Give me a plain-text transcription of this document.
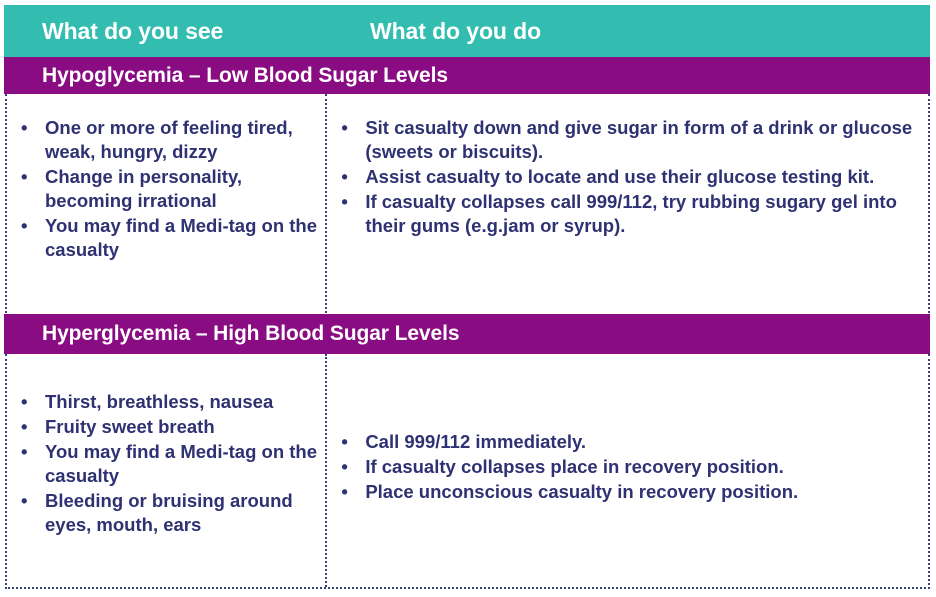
What do you see	What do you do
Hypoglycemia – Low Blood Sugar Levels
• One or more of feeling tired, weak, hungry, dizzy
• Change in personality, becoming irrational
• You may find a Medi-tag on the casualty
• Sit casualty down and give sugar in form of a drink or glucose (sweets or biscuits).
• Assist casualty to locate and use their glucose testing kit.
• If casualty collapses call 999/112, try rubbing sugary gel into their gums (e.g.jam or syrup).
Hyperglycemia – High Blood Sugar Levels
• Thirst, breathless, nausea
• Fruity sweet breath
• You may find a Medi-tag on the casualty
• Bleeding or bruising around eyes, mouth, ears
• Call 999/112 immediately.
• If casualty collapses place in recovery position.
• Place unconscious casualty in recovery position.
